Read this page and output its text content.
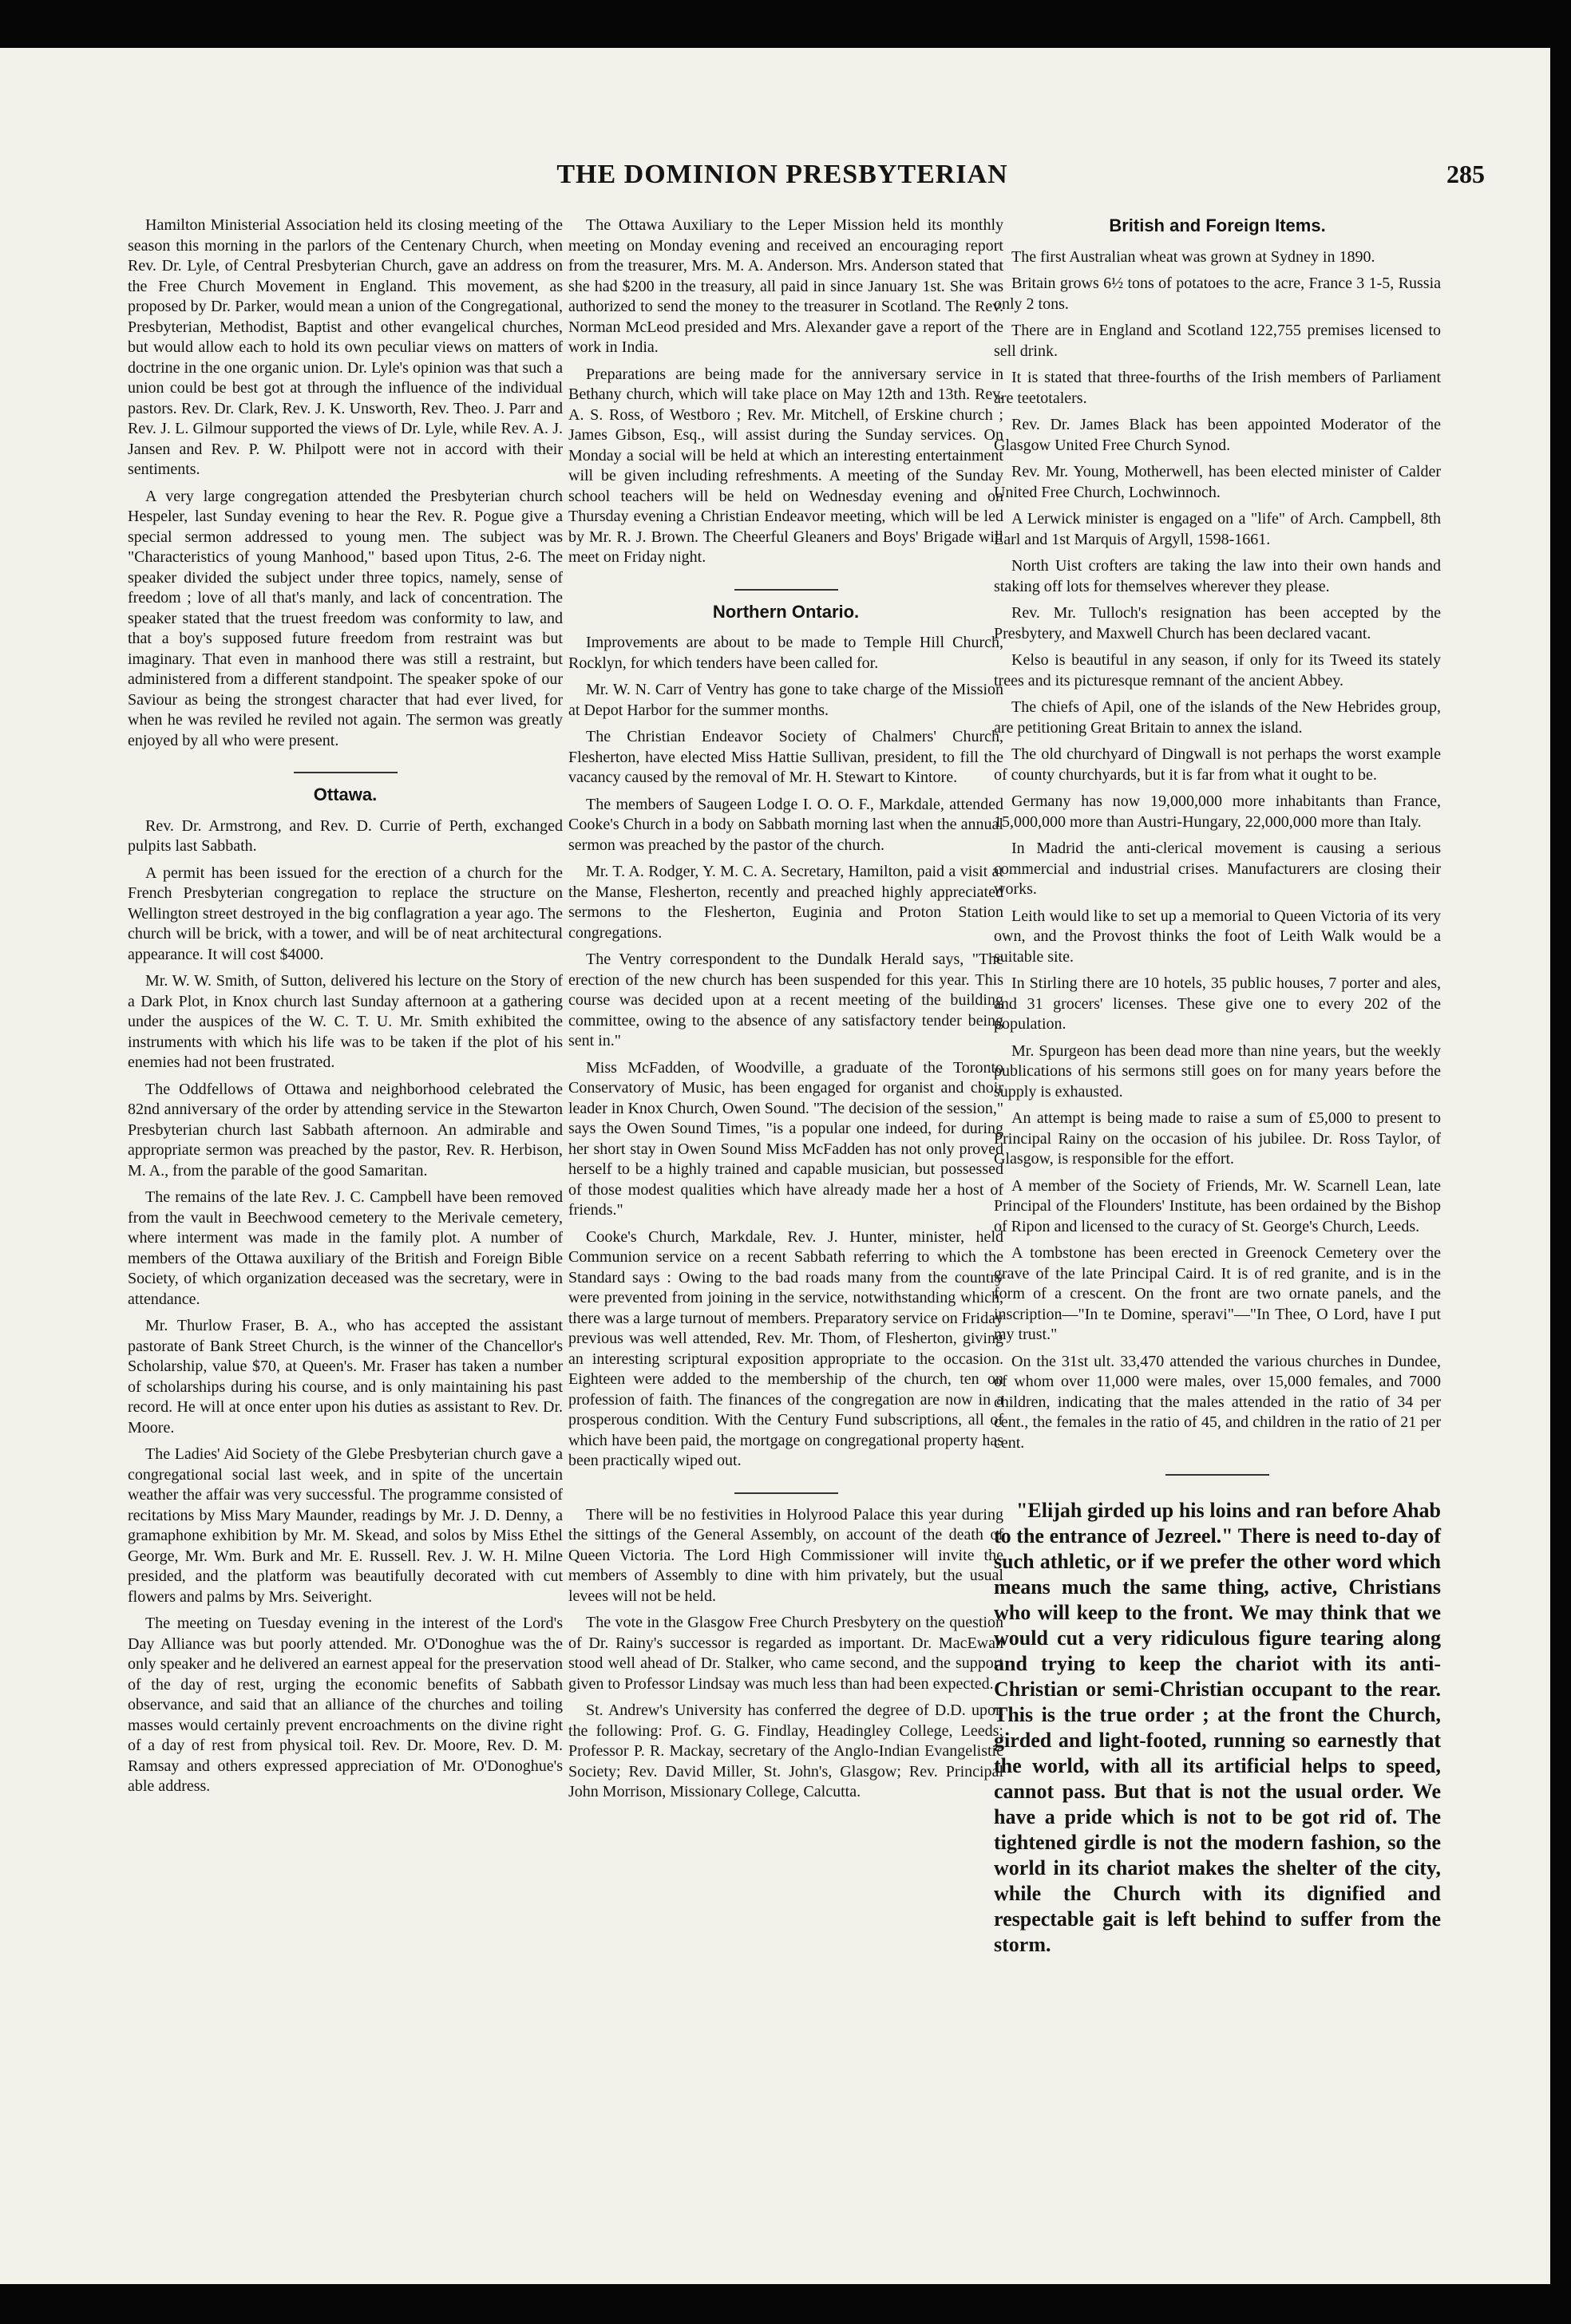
THE DOMINION PRESBYTERIAN	285

Hamilton Ministerial Association held its closing meeting of the season this morning in the parlors of the Centenary Church, when Rev. Dr. Lyle, of Central Presbyterian Church, gave an address on the Free Church Movement in England. This movement, as proposed by Dr. Parker, would mean a union of the Congregational, Presbyterian, Methodist, Baptist and other evangelical churches, but would allow each to hold its own peculiar views on matters of doctrine in the one organic union. Dr. Lyle's opinion was that such a union could be best got at through the influence of the individual pastors. Rev. Dr. Clark, Rev. J. K. Unsworth, Rev. Theo. J. Parr and Rev. J. L. Gilmour supported the views of Dr. Lyle, while Rev. A. J. Jansen and Rev. P. W. Philpott were not in accord with their sentiments.

A very large congregation attended the Presbyterian church Hespeler, last Sunday evening to hear the Rev. R. Pogue give a special sermon addressed to young men. The subject was "Characteristics of young Manhood," based upon Titus, 2-6. The speaker divided the subject under three topics, namely, sense of freedom ; love of all that's manly, and lack of concentration. The speaker stated that the truest freedom was conformity to law, and that a boy's supposed future freedom from restraint was but imaginary. That even in manhood there was still a restraint, but administered from a different standpoint. The speaker spoke of our Saviour as being the strongest character that had ever lived, for when he was reviled he reviled not again. The sermon was greatly enjoyed by all who were present.

Ottawa.

Rev. Dr. Armstrong, and Rev. D. Currie of Perth, exchanged pulpits last Sabbath.

A permit has been issued for the erection of a church for the French Presbyterian congregation to replace the structure on Wellington street destroyed in the big conflagration a year ago. The church will be brick, with a tower, and will be of neat architectural appearance. It will cost $4000.

Mr. W. W. Smith, of Sutton, delivered his lecture on the Story of a Dark Plot, in Knox church last Sunday afternoon at a gathering under the auspices of the W. C. T. U. Mr. Smith exhibited the instruments with which his life was to be taken if the plot of his enemies had not been frustrated.

The Oddfellows of Ottawa and neighborhood celebrated the 82nd anniversary of the order by attending service in the Stewarton Presbyterian church last Sabbath afternoon. An admirable and appropriate sermon was preached by the pastor, Rev. R. Herbison, M. A., from the parable of the good Samaritan.

The remains of the late Rev. J. C. Campbell have been removed from the vault in Beechwood cemetery to the Merivale cemetery, where interment was made in the family plot. A number of members of the Ottawa auxiliary of the British and Foreign Bible Society, of which organization deceased was the secretary, were in attendance.

Mr. Thurlow Fraser, B. A., who has accepted the assistant pastorate of Bank Street Church, is the winner of the Chancellor's Scholarship, value $70, at Queen's. Mr. Fraser has taken a number of scholarships during his course, and is only maintaining his past record. He will at once enter upon his duties as assistant to Rev. Dr. Moore.

The Ladies' Aid Society of the Glebe Presbyterian church gave a congregational social last week, and in spite of the uncertain weather the affair was very successful. The programme consisted of recitations by Miss Mary Maunder, readings by Mr. J. D. Denny, a gramaphone exhibition by Mr. M. Skead, and solos by Miss Ethel George, Mr. Wm. Burk and Mr. E. Russell. Rev. J. W. H. Milne presided, and the platform was beautifully decorated with cut flowers and palms by Mrs. Seiveright.

The meeting on Tuesday evening in the interest of the Lord's Day Alliance was but poorly attended. Mr. O'Donoghue was the only speaker and he delivered an earnest appeal for the preservation of the day of rest, urging the economic benefits of Sabbath observance, and said that an alliance of the churches and toiling masses would certainly prevent encroachments on the divine right of a day of rest from physical toil. Rev. Dr. Moore, Rev. D. M. Ramsay and others expressed appreciation of Mr. O'Donoghue's able address.

The Ottawa Auxiliary to the Leper Mission held its monthly meeting on Monday evening and received an encouraging report from the treasurer, Mrs. M. A. Anderson. Mrs. Anderson stated that she had $200 in the treasury, all paid in since January 1st. She was authorized to send the money to the treasurer in Scotland. The Rev. Norman McLeod presided and Mrs. Alexander gave a report of the work in India.

Preparations are being made for the anniversary service in Bethany church, which will take place on May 12th and 13th. Rev. A. S. Ross, of Westboro ; Rev. Mr. Mitchell, of Erskine church ; James Gibson, Esq., will assist during the Sunday services. On Monday a social will be held at which an interesting entertainment will be given including refreshments. A meeting of the Sunday school teachers will be held on Wednesday evening and on Thursday evening a Christian Endeavor meeting, which will be led by Mr. R. J. Brown. The Cheerful Gleaners and Boys' Brigade will meet on Friday night.

Northern Ontario.

Improvements are about to be made to Temple Hill Church, Rocklyn, for which tenders have been called for.

Mr. W. N. Carr of Ventry has gone to take charge of the Mission at Depot Harbor for the summer months.

The Christian Endeavor Society of Chalmers' Church, Flesherton, have elected Miss Hattie Sullivan, president, to fill the vacancy caused by the removal of Mr. H. Stewart to Kintore.

The members of Saugeen Lodge I. O. O. F., Markdale, attended Cooke's Church in a body on Sabbath morning last when the annual sermon was preached by the pastor of the church.

Mr. T. A. Rodger, Y. M. C. A. Secretary, Hamilton, paid a visit at the Manse, Flesherton, recently and preached highly appreciated sermons to the Flesherton, Euginia and Proton Station congregations.

The Ventry correspondent to the Dundalk Herald says, "The erection of the new church has been suspended for this year. This course was decided upon at a recent meeting of the building committee, owing to the absence of any satisfactory tender being sent in."

Miss McFadden, of Woodville, a graduate of the Toronto Conservatory of Music, has been engaged for organist and choir leader in Knox Church, Owen Sound. "The decision of the session," says the Owen Sound Times, "is a popular one indeed, for during her short stay in Owen Sound Miss McFadden has not only proved herself to be a highly trained and capable musician, but possessed of those modest qualities which have already made her a host of friends."

Cooke's Church, Markdale, Rev. J. Hunter, minister, held Communion service on a recent Sabbath referring to which the Standard says : Owing to the bad roads many from the country were prevented from joining in the service, notwithstanding which, there was a large turnout of members. Preparatory service on Friday previous was well attended, Rev. Mr. Thom, of Flesherton, giving an interesting scriptural exposition appropriate to the occasion. Eighteen were added to the membership of the church, ten on profession of faith. The finances of the congregation are now in a prosperous condition. With the Century Fund subscriptions, all of which have been paid, the mortgage on congregational property has been practically wiped out.

There will be no festivities in Holyrood Palace this year during the sittings of the General Assembly, on account of the death of Queen Victoria. The Lord High Commissioner will invite the members of Assembly to dine with him privately, but the usual levees will not be held.

The vote in the Glasgow Free Church Presbytery on the question of Dr. Rainy's successor is regarded as important. Dr. MacEwan stood well ahead of Dr. Stalker, who came second, and the support given to Professor Lindsay was much less than had been expected.

St. Andrew's University has conferred the degree of D.D. upon the following: Prof. G. G. Findlay, Headingley College, Leeds; Professor P. R. Mackay, secretary of the Anglo-Indian Evangelistic Society; Rev. David Miller, St. John's, Glasgow; Rev. Principal John Morrison, Missionary College, Calcutta.

British and Foreign Items.

The first Australian wheat was grown at Sydney in 1890.

Britain grows 6½ tons of potatoes to the acre, France 3 1-5, Russia only 2 tons.

There are in England and Scotland 122,755 premises licensed to sell drink.

It is stated that three-fourths of the Irish members of Parliament are teetotalers.

Rev. Dr. James Black has been appointed Moderator of the Glasgow United Free Church Synod.

Rev. Mr. Young, Motherwell, has been elected minister of Calder United Free Church, Lochwinnoch.

A Lerwick minister is engaged on a "life" of Arch. Campbell, 8th Earl and 1st Marquis of Argyll, 1598-1661.

North Uist crofters are taking the law into their own hands and staking off lots for themselves wherever they please.

Rev. Mr. Tulloch's resignation has been accepted by the Presbytery, and Maxwell Church has been declared vacant.

Kelso is beautiful in any season, if only for its Tweed its stately trees and its picturesque remnant of the ancient Abbey.

The chiefs of Apil, one of the islands of the New Hebrides group, are petitioning Great Britain to annex the island.

The old churchyard of Dingwall is not perhaps the worst example of county churchyards, but it is far from what it ought to be.

Germany has now 19,000,000 more inhabitants than France, 15,000,000 more than Austri-Hungary, 22,000,000 more than Italy.

In Madrid the anti-clerical movement is causing a serious commercial and industrial crises. Manufacturers are closing their works.

Leith would like to set up a memorial to Queen Victoria of its very own, and the Provost thinks the foot of Leith Walk would be a suitable site.

In Stirling there are 10 hotels, 35 public houses, 7 porter and ales, and 31 grocers' licenses. These give one to every 202 of the population.

Mr. Spurgeon has been dead more than nine years, but the weekly publications of his sermons still goes on for many years before the supply is exhausted.

An attempt is being made to raise a sum of £5,000 to present to Principal Rainy on the occasion of his jubilee. Dr. Ross Taylor, of Glasgow, is responsible for the effort.

A member of the Society of Friends, Mr. W. Scarnell Lean, late Principal of the Flounders' Institute, has been ordained by the Bishop of Ripon and licensed to the curacy of St. George's Church, Leeds.

A tombstone has been erected in Greenock Cemetery over the grave of the late Principal Caird. It is of red granite, and is in the form of a crescent. On the front are two ornate panels, and the inscription—"In te Domine, speravi"—"In Thee, O Lord, have I put my trust."

On the 31st ult. 33,470 attended the various churches in Dundee, of whom over 11,000 were males, over 15,000 females, and 7000 children, indicating that the males attended in the ratio of 34 per cent., the females in the ratio of 45, and children in the ratio of 21 per cent.

"Elijah girded up his loins and ran before Ahab to the entrance of Jezreel." There is need to-day of such athletic, or if we prefer the other word which means much the same thing, active, Christians who will keep to the front. We may think that we would cut a very ridiculous figure tearing along and trying to keep the chariot with its anti-Christian or semi-Christian occupant to the rear. This is the true order ; at the front the Church, girded and light-footed, running so earnestly that the world, with all its artificial helps to speed, cannot pass. But that is not the usual order. We have a pride which is not to be got rid of. The tightened girdle is not the modern fashion, so the world in its chariot makes the shelter of the city, while the Church with its dignified and respectable gait is left behind to suffer from the storm.
